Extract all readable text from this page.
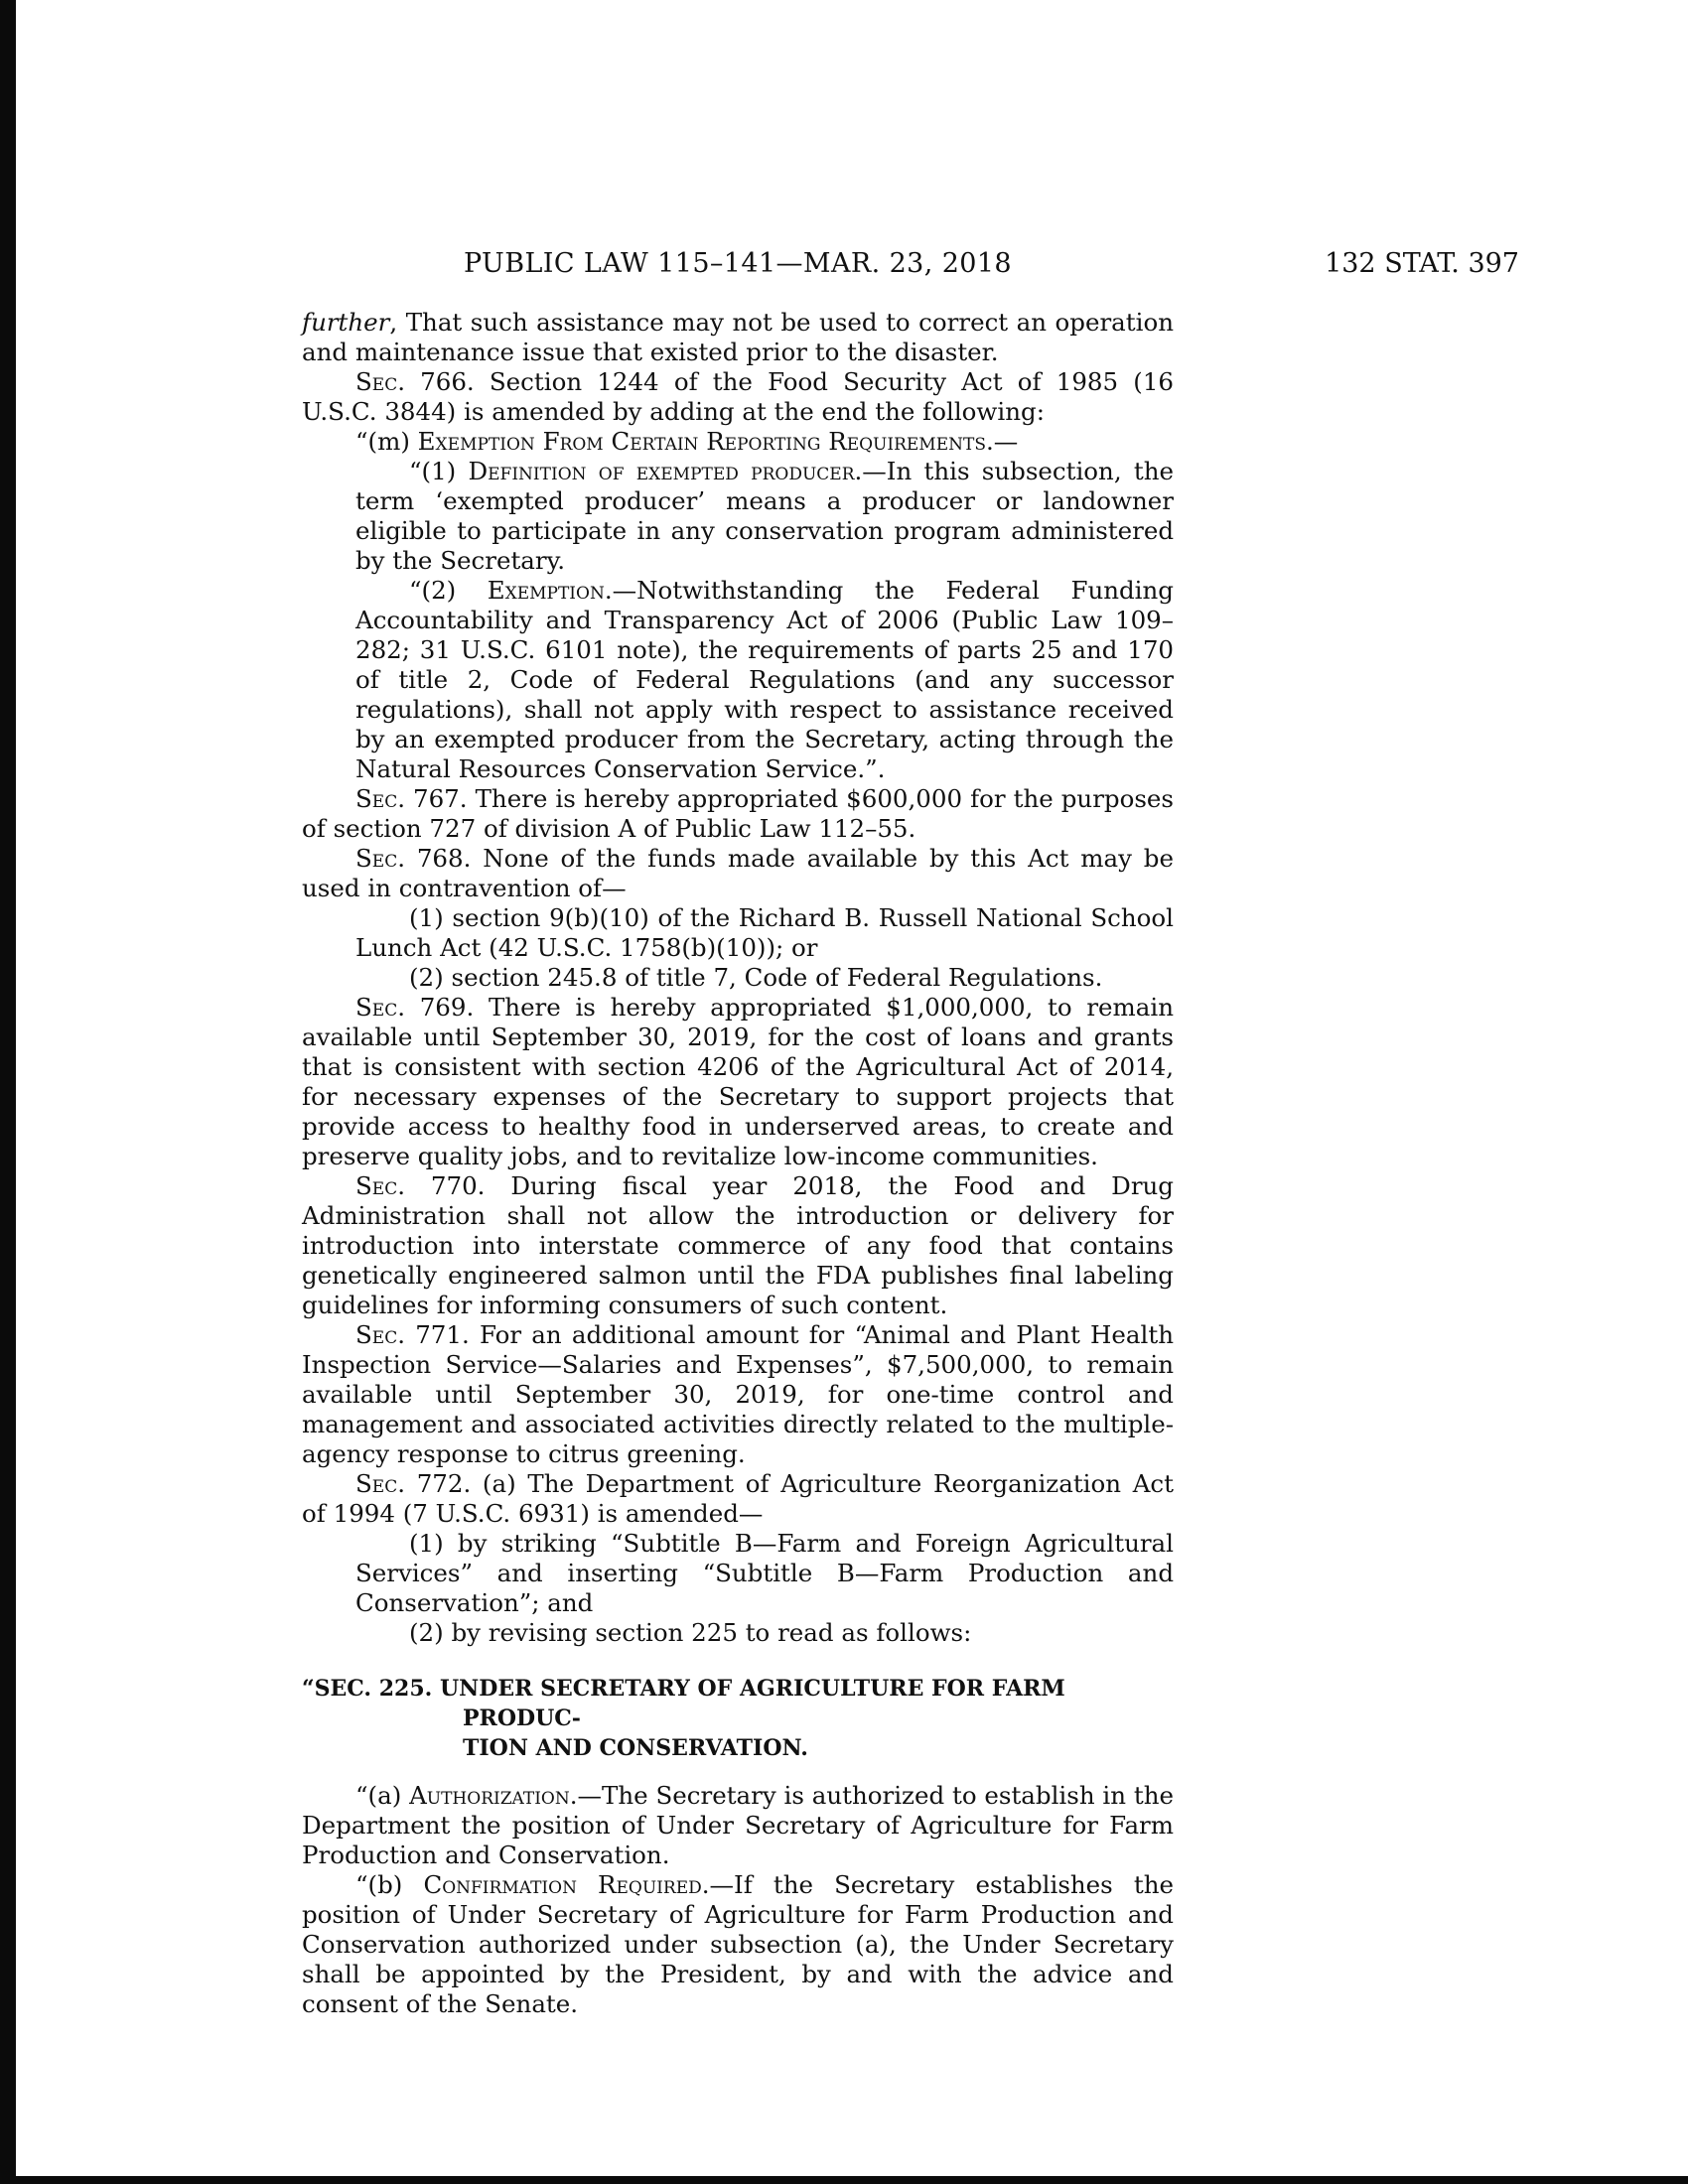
PUBLIC LAW 115–141—MAR. 23, 2018	132 STAT. 397

further, That such assistance may not be used to correct an operation and maintenance issue that existed prior to the disaster.

Sec. 766. Section 1244 of the Food Security Act of 1985 (16 U.S.C. 3844) is amended by adding at the end the following:

“(m) Exemption From Certain Reporting Requirements.—

“(1) Definition of exempted producer.—In this subsection, the term ‘exempted producer’ means a producer or landowner eligible to participate in any conservation program administered by the Secretary.

“(2) Exemption.—Notwithstanding the Federal Funding Accountability and Transparency Act of 2006 (Public Law 109–282; 31 U.S.C. 6101 note), the requirements of parts 25 and 170 of title 2, Code of Federal Regulations (and any successor regulations), shall not apply with respect to assistance received by an exempted producer from the Secretary, acting through the Natural Resources Conservation Service.”.

Sec. 767. There is hereby appropriated $600,000 for the purposes of section 727 of division A of Public Law 112–55.

Sec. 768. None of the funds made available by this Act may be used in contravention of—

(1) section 9(b)(10) of the Richard B. Russell National School Lunch Act (42 U.S.C. 1758(b)(10)); or

(2) section 245.8 of title 7, Code of Federal Regulations.

Sec. 769. There is hereby appropriated $1,000,000, to remain available until September 30, 2019, for the cost of loans and grants that is consistent with section 4206 of the Agricultural Act of 2014, for necessary expenses of the Secretary to support projects that provide access to healthy food in underserved areas, to create and preserve quality jobs, and to revitalize low-income communities.

Sec. 770. During fiscal year 2018, the Food and Drug Administration shall not allow the introduction or delivery for introduction into interstate commerce of any food that contains genetically engineered salmon until the FDA publishes final labeling guidelines for informing consumers of such content.

Sec. 771. For an additional amount for “Animal and Plant Health Inspection Service—Salaries and Expenses”, $7,500,000, to remain available until September 30, 2019, for one-time control and management and associated activities directly related to the multiple-agency response to citrus greening.

Sec. 772. (a) The Department of Agriculture Reorganization Act of 1994 (7 U.S.C. 6931) is amended—

(1) by striking “Subtitle B—Farm and Foreign Agricultural Services” and inserting “Subtitle B—Farm Production and Conservation”; and

(2) by revising section 225 to read as follows:

“SEC. 225. UNDER SECRETARY OF AGRICULTURE FOR FARM PRODUC-
TION AND CONSERVATION.

“(a) Authorization.—The Secretary is authorized to establish in the Department the position of Under Secretary of Agriculture for Farm Production and Conservation.

“(b) Confirmation Required.—If the Secretary establishes the position of Under Secretary of Agriculture for Farm Production and Conservation authorized under subsection (a), the Under Secretary shall be appointed by the President, by and with the advice and consent of the Senate.
